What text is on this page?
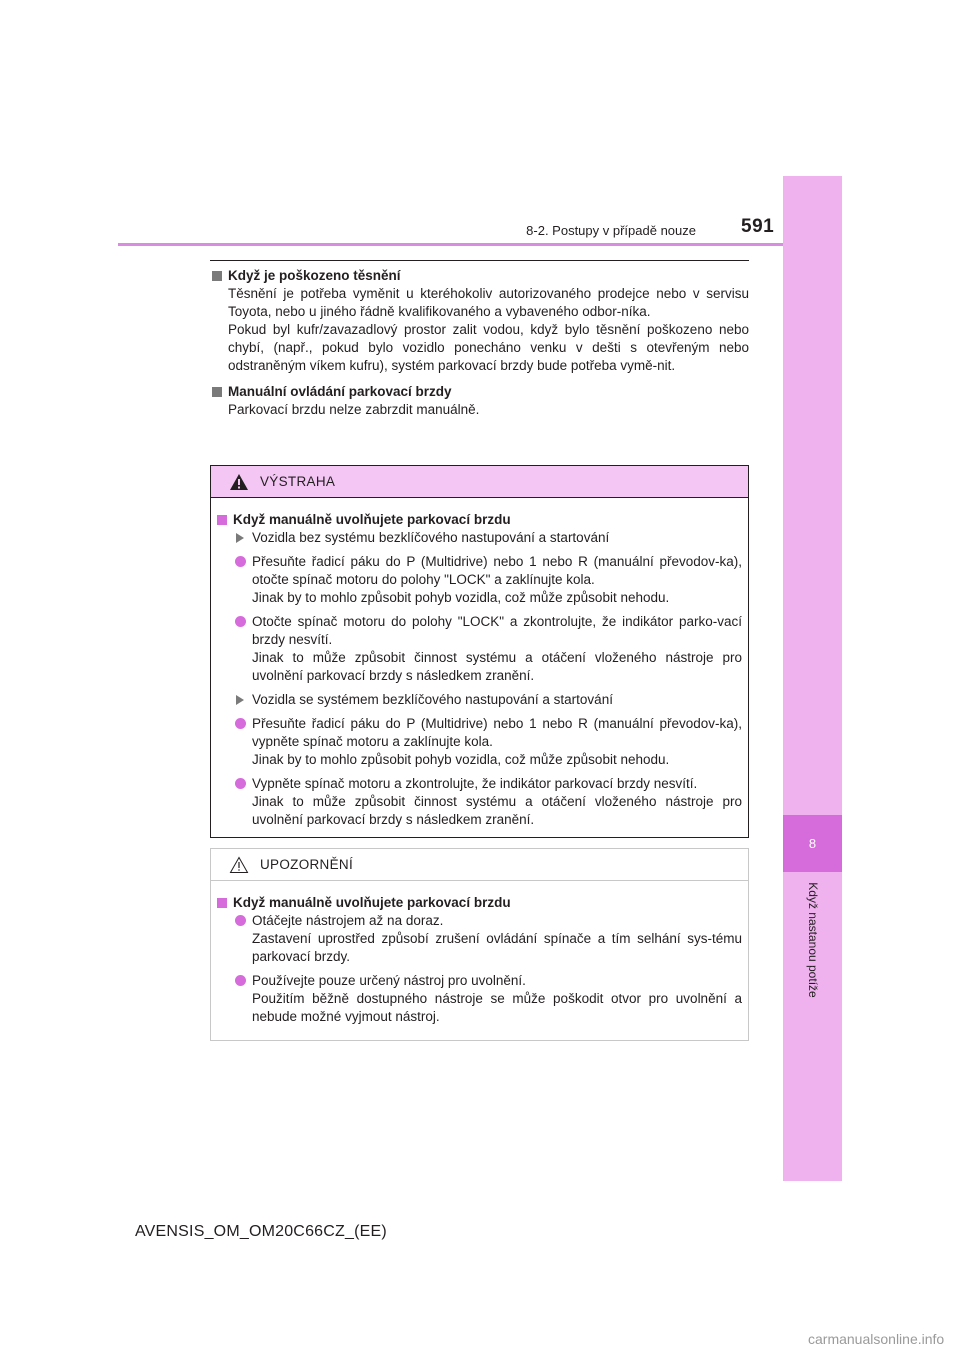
8
Když nastanou potíže
8-2. Postupy v případě nouze 591
Když je poškozeno těsnění

Těsnění je potřeba vyměnit u kteréhokoliv autorizovaného prodejce nebo v servisu Toyota, nebo u jiného řádně kvalifikovaného a vybaveného odbor-níka.

Pokud byl kufr/zavazadlový prostor zalit vodou, když bylo těsnění poškozeno nebo chybí, (např., pokud bylo vozidlo ponecháno venku v dešti s otevřeným nebo odstraněným víkem kufru), systém parkovací brzdy bude potřeba vymě-nit.

Manuální ovládání parkovací brzdy

Parkovací brzdu nelze zabrzdit manuálně.

VÝSTRAHA
Když manuálně uvolňujete parkovací brzdu
Vozidla bez systému bezklíčového nastupování a startování

Přesuňte řadicí páku do P (Multidrive) nebo 1 nebo R (manuální převodov-ka), otočte spínač motoru do polohy "LOCK" a zaklínujte kola.

Jinak by to mohlo způsobit pohyb vozidla, což může způsobit nehodu.

Otočte spínač motoru do polohy "LOCK" a zkontrolujte, že indikátor parko-vací brzdy nesvítí.

Jinak to může způsobit činnost systému a otáčení vloženého nástroje pro uvolnění parkovací brzdy s následkem zranění.

Vozidla se systémem bezklíčového nastupování a startování

Přesuňte řadicí páku do P (Multidrive) nebo 1 nebo R (manuální převodov-ka), vypněte spínač motoru a zaklínujte kola.

Jinak by to mohlo způsobit pohyb vozidla, což může způsobit nehodu.

Vypněte spínač motoru a zkontrolujte, že indikátor parkovací brzdy nesvítí.

Jinak to může způsobit činnost systému a otáčení vloženého nástroje pro uvolnění parkovací brzdy s následkem zranění.

UPOZORNĚNÍ
Když manuálně uvolňujete parkovací brzdu

Otáčejte nástrojem až na doraz.

Zastavení uprostřed způsobí zrušení ovládání spínače a tím selhání sys-tému parkovací brzdy.

Používejte pouze určený nástroj pro uvolnění.

Použitím běžně dostupného nástroje se může poškodit otvor pro uvolnění a nebude možné vyjmout nástroj.

AVENSIS_OM_OM20C66CZ_(EE)
carmanualsonline.info
